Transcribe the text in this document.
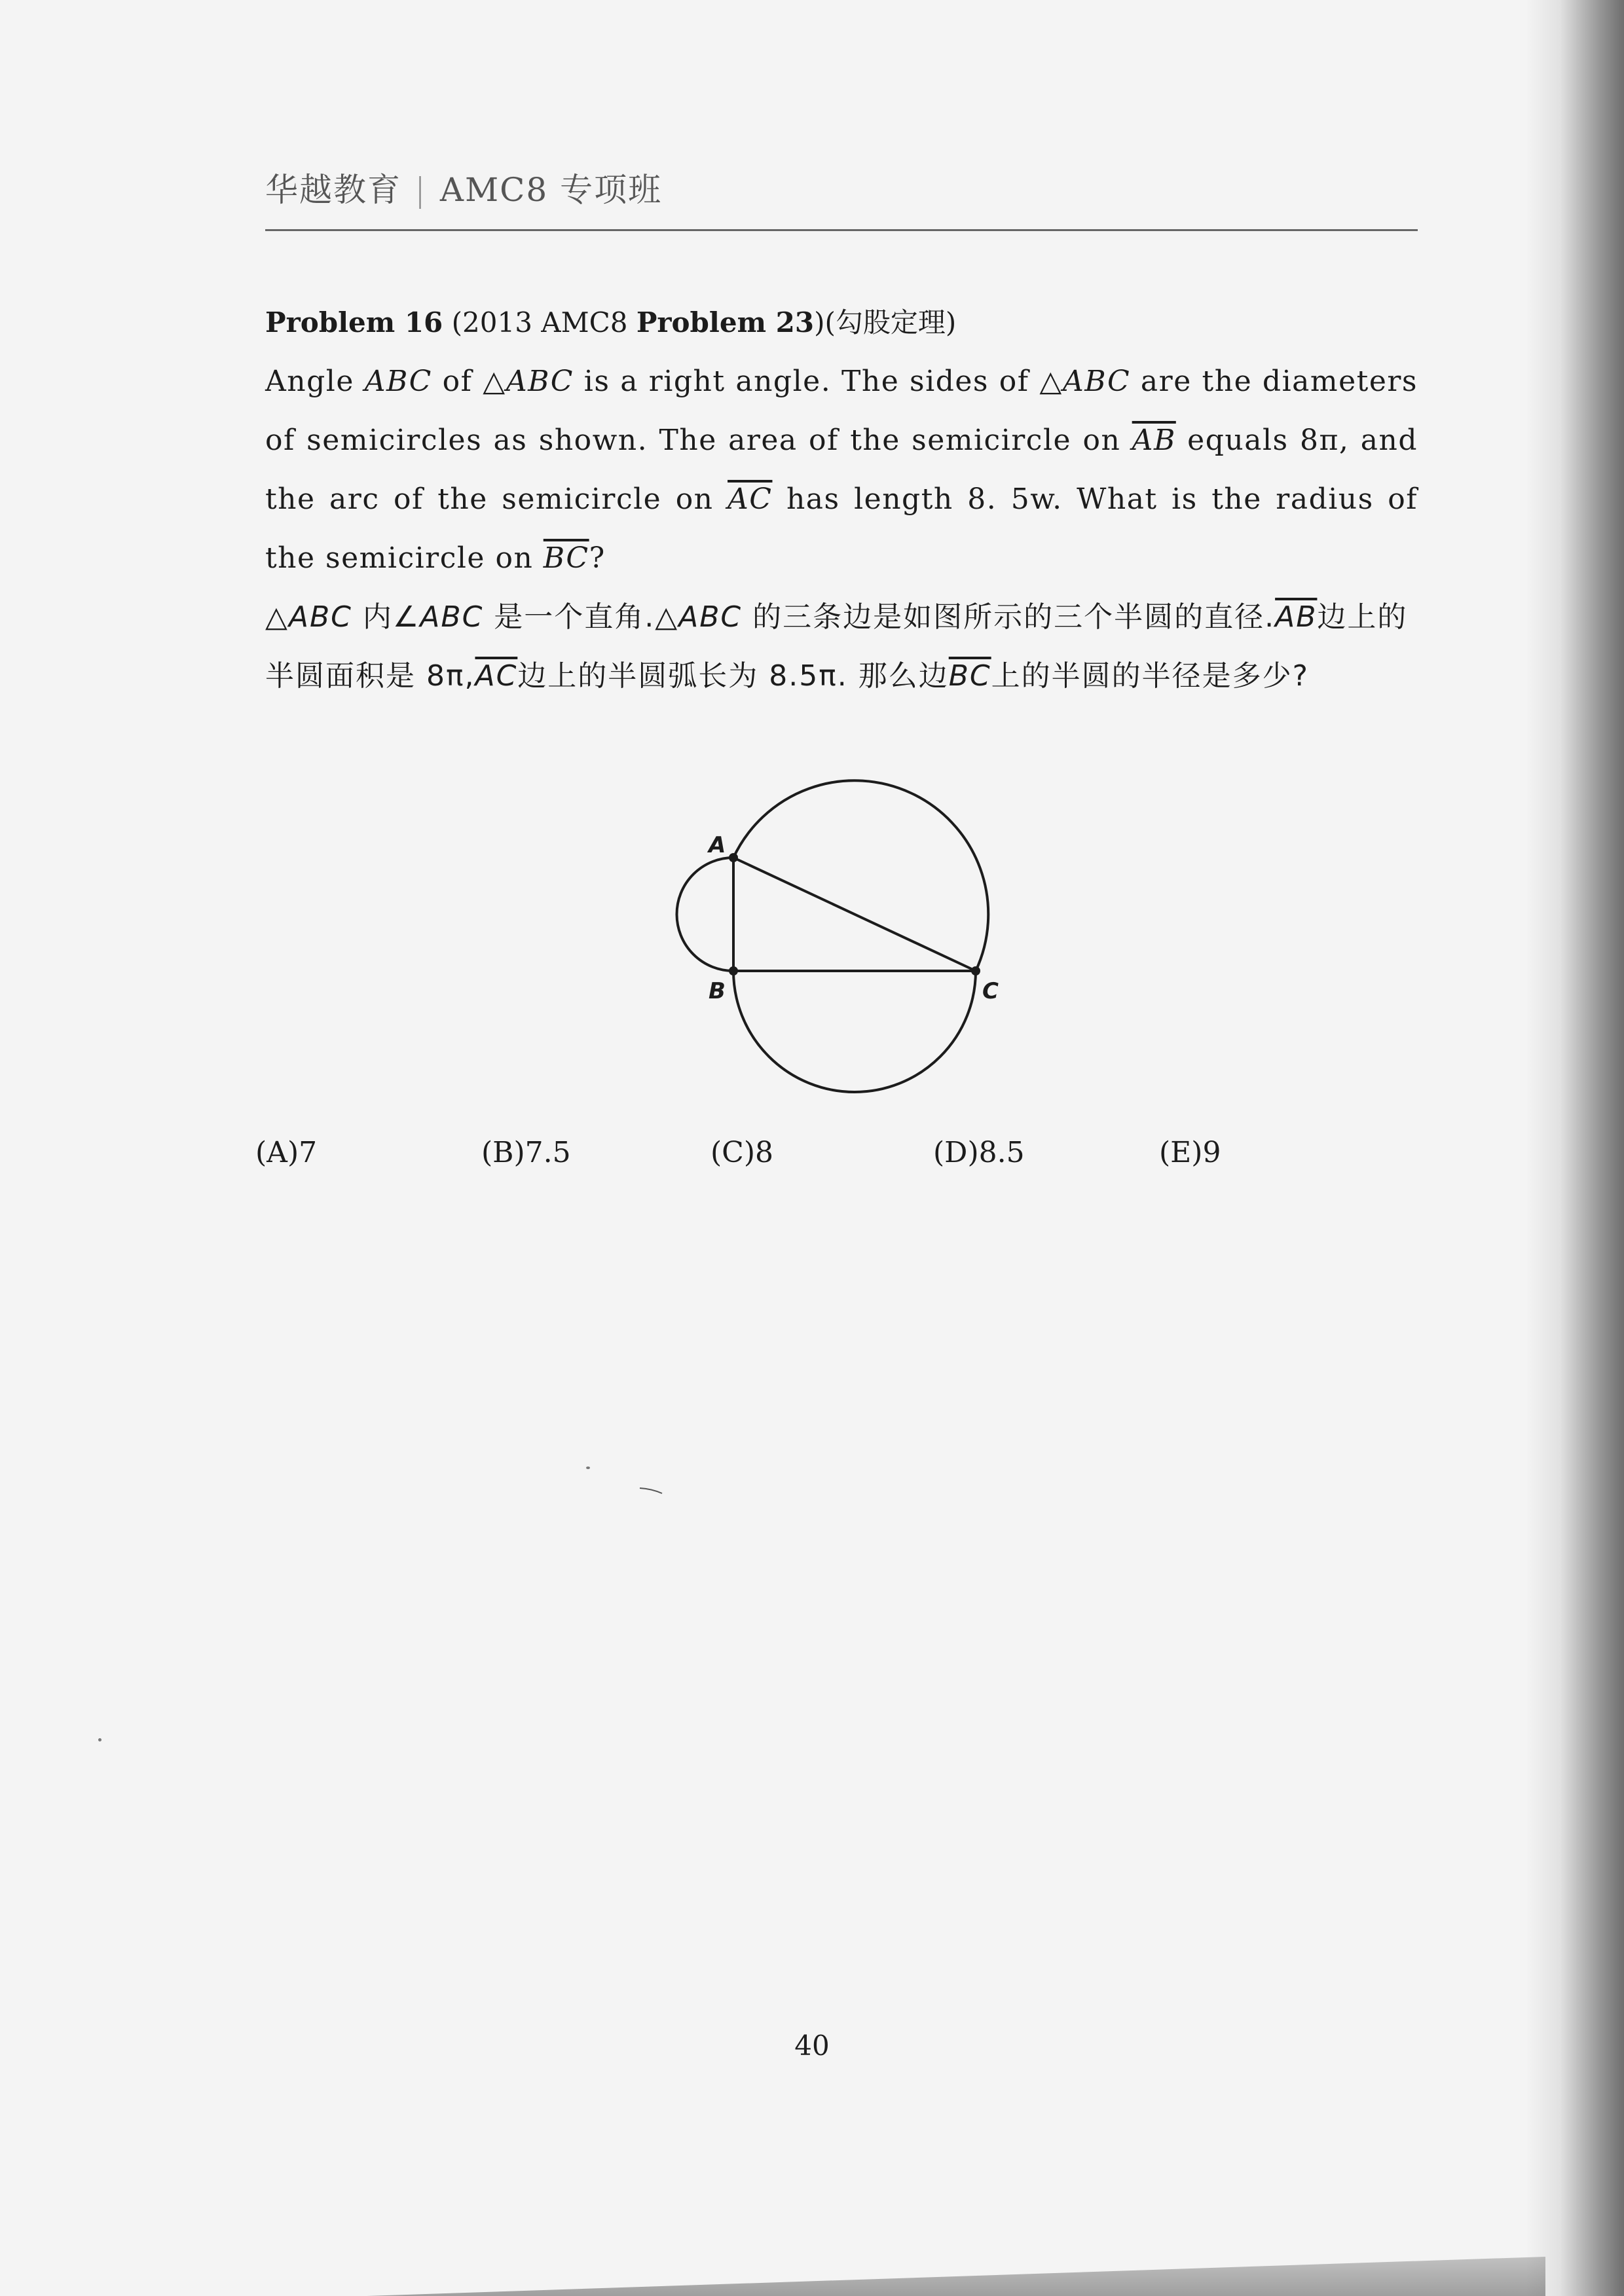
华越教育 | AMC8 专项班
Problem 16 (2013 AMC8 Problem 23)(勾股定理)
Angle ABC of △ABC is a right angle. The sides of △ABC are the diameters of semicircles as shown. The area of the semicircle on $\overline{AB}$ equals 8π, and the arc of the semicircle on $\overline{AC}$ has length 8. 5w. What is the radius of the semicircle on $\overline{BC}$?
△ABC 内∠ABC 是一个直角.△ABC 的三条边是如图所示的三个半圆的直径$.\overline{AB}$边上的半圆面积是 $8\pi,\overline{AC}$边上的半圆弧长为 8.5π. 那么边$\overline{BC}$上的半圆的半径是多少?
A
B	C
(A)7	(B)7.5	(C)8	(D)8.5	(E)9
40
